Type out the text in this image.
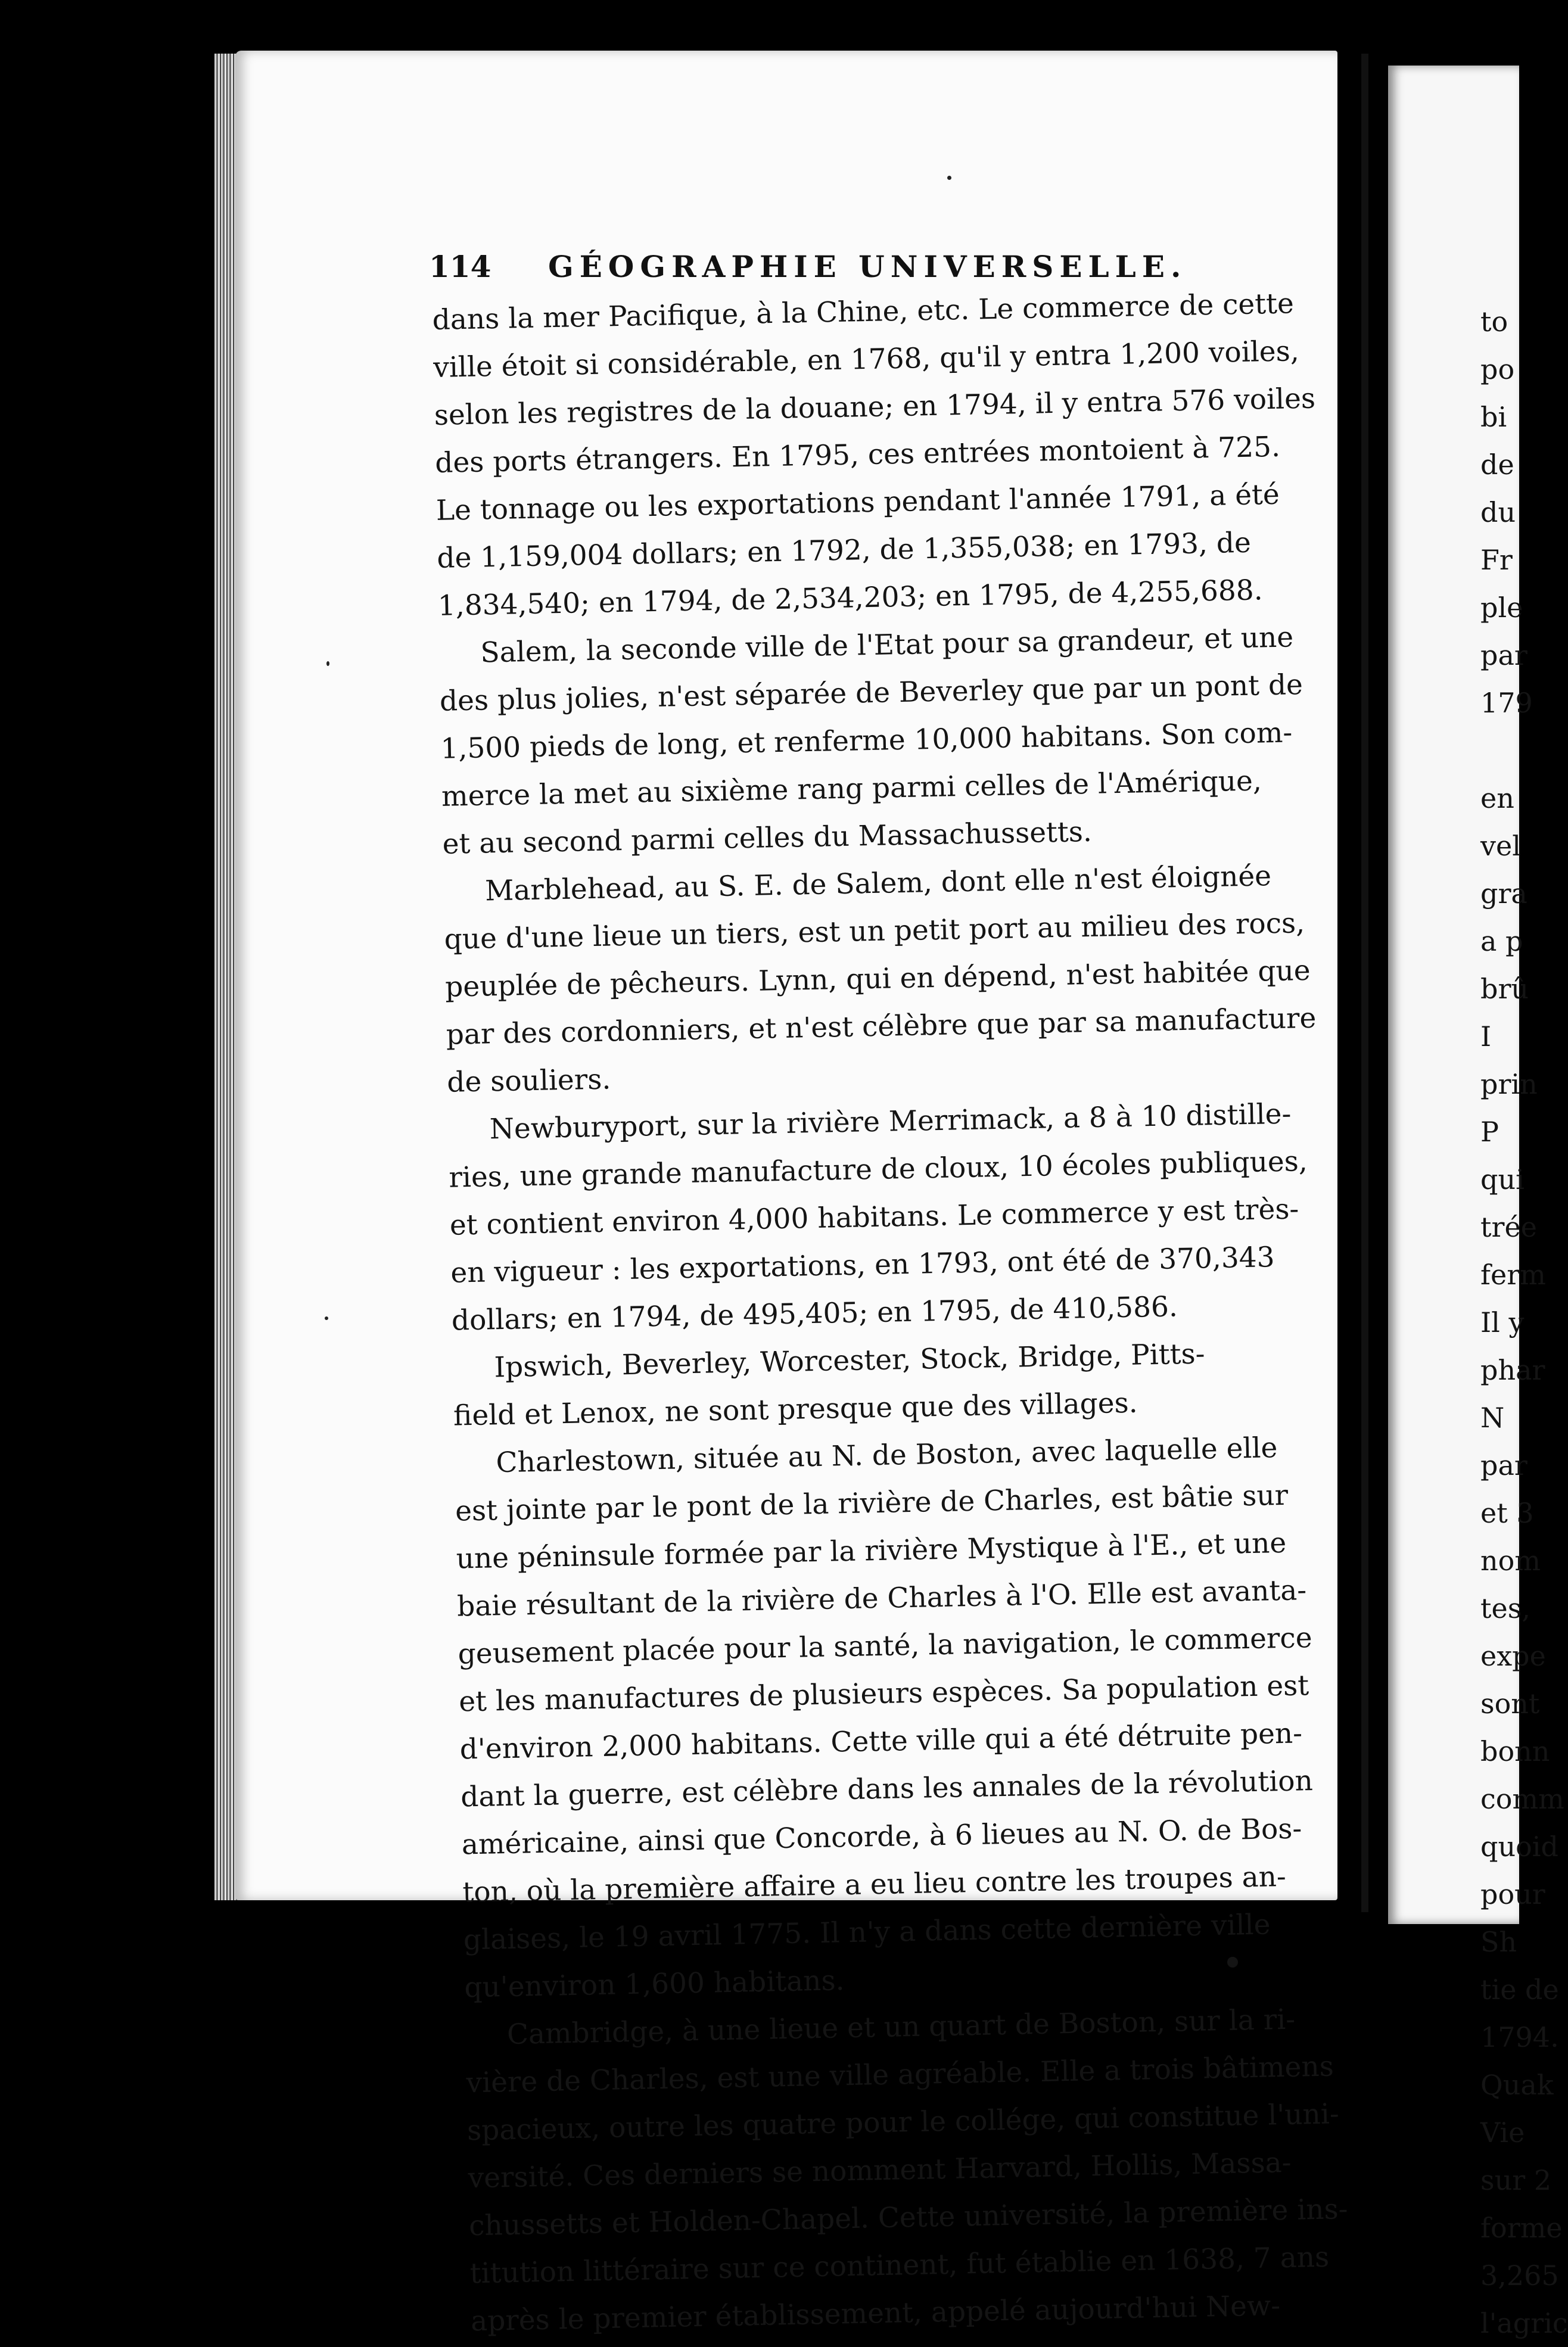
114 GÉOGRAPHIE UNIVERSELLE.
dans la mer Pacifique, à la Chine, etc. Le commerce de cette
ville étoit si considérable, en 1768, qu'il y entra 1,200 voiles,
selon les registres de la douane; en 1794, il y entra 576 voiles
des ports étrangers. En 1795, ces entrées montoient à 725.
Le tonnage ou les exportations pendant l'année 1791, a été
de 1,159,004 dollars; en 1792, de 1,355,038; en 1793, de
1,834,540; en 1794, de 2,534,203; en 1795, de 4,255,688.
Salem, la seconde ville de l'Etat pour sa grandeur, et une
des plus jolies, n'est séparée de Beverley que par un pont de
1,500 pieds de long, et renferme 10,000 habitans. Son com-
merce la met au sixième rang parmi celles de l'Amérique,
et au second parmi celles du Massachussetts.
Marblehead, au S. E. de Salem, dont elle n'est éloignée
que d'une lieue un tiers, est un petit port au milieu des rocs,
peuplée de pêcheurs. Lynn, qui en dépend, n'est habitée que
par des cordonniers, et n'est célèbre que par sa manufacture
de souliers.
Newburyport, sur la rivière Merrimack, a 8 à 10 distille-
ries, une grande manufacture de cloux, 10 écoles publiques,
et contient environ 4,000 habitans. Le commerce y est très-
en vigueur : les exportations, en 1793, ont été de 370,343
dollars; en 1794, de 495,405; en 1795, de 410,586.
Ipswich, Beverley, Worcester, Stock, Bridge, Pitts-
field et Lenox, ne sont presque que des villages.
Charlestown, située au N. de Boston, avec laquelle elle
est jointe par le pont de la rivière de Charles, est bâtie sur
une péninsule formée par la rivière Mystique à l'E., et une
baie résultant de la rivière de Charles à l'O. Elle est avanta-
geusement placée pour la santé, la navigation, le commerce
et les manufactures de plusieurs espèces. Sa population est
d'environ 2,000 habitans. Cette ville qui a été détruite pen-
dant la guerre, est célèbre dans les annales de la révolution
américaine, ainsi que Concorde, à 6 lieues au N. O. de Bos-
ton, où la première affaire a eu lieu contre les troupes an-
glaises, le 19 avril 1775. Il n'y a dans cette dernière ville
qu'environ 1,600 habitans.
Cambridge, à une lieue et un quart de Boston, sur la ri-
vière de Charles, est une ville agréable. Elle a trois bâtimens
spacieux, outre les quatre pour le collége, qui constitue l'uni-
versité. Ces derniers se nomment Harvard, Hollis, Massa-
chussetts et Holden-Chapel. Cette université, la première ins-
titution littéraire sur ce continent, fut établie en 1638, 7 ans
après le premier établissement, appelé aujourd'hui New-
to
po
bi
de
du
Fr
ple
par
179
en
vel
gra
a p
brû
I
prin
P
qui
trée
ferm
Il y
phar
N
par
et 3
nom
tes,
expe
sont
bonn
comm
quoid
pour
Sh
tie de
1794.
Quak
Vie
sur 2
forme
3,265
l'agric
